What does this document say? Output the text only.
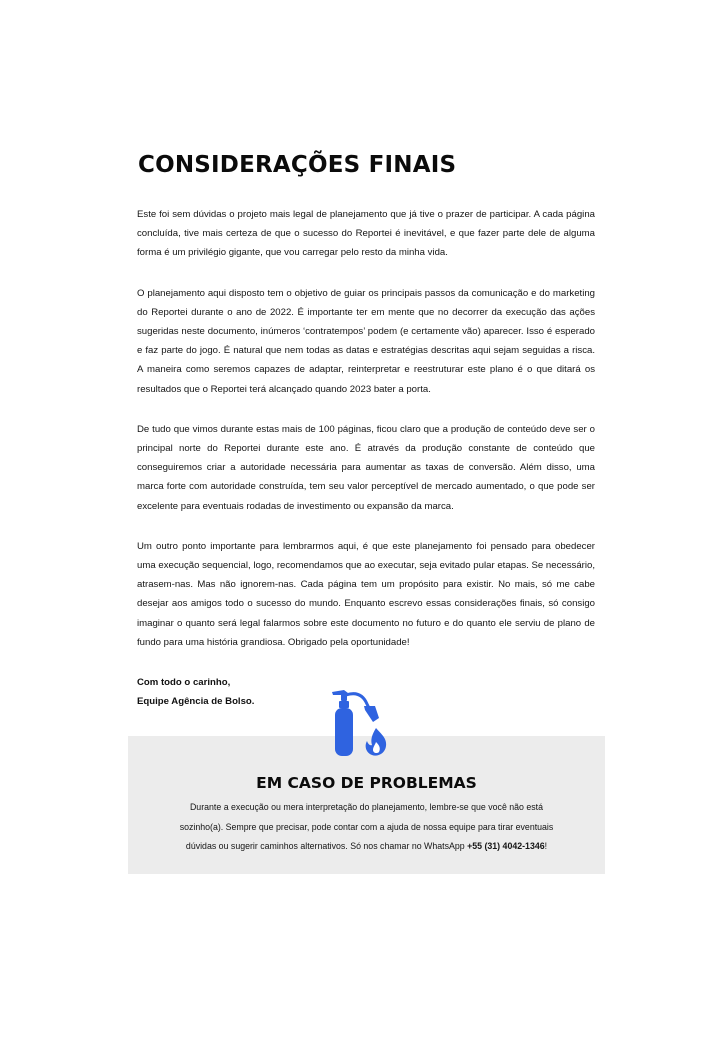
CONSIDERAÇÕES FINAIS

Este foi sem dúvidas o projeto mais legal de planejamento que já tive o prazer de participar. A cada página concluída, tive mais certeza de que o sucesso do Reportei é inevitável, e que fazer parte dele de alguma forma é um privilégio gigante, que vou carregar pelo resto da minha vida.

O planejamento aqui disposto tem o objetivo de guiar os principais passos da comunicação e do marketing do Reportei durante o ano de 2022. É importante ter em mente que no decorrer da execução das ações sugeridas neste documento, inúmeros ‘contratempos’ podem (e certamente vão) aparecer. Isso é esperado e faz parte do jogo. É natural que nem todas as datas e estratégias descritas aqui sejam seguidas a risca. A maneira como seremos capazes de adaptar, reinterpretar e reestruturar este plano é o que ditará os resultados que o Reportei terá alcançado quando 2023 bater a porta.

De tudo que vimos durante estas mais de 100 páginas, ficou claro que a produção de conteúdo deve ser o principal norte do Reportei durante este ano. É através da produção constante de conteúdo que conseguiremos criar a autoridade necessária para aumentar as taxas de conversão. Além disso, uma marca forte com autoridade construída, tem seu valor perceptível de mercado aumentado, o que pode ser excelente para eventuais rodadas de investimento ou expansão da marca.

Um outro ponto importante para lembrarmos aqui, é que este planejamento foi pensado para obedecer uma execução sequencial, logo, recomendamos que ao executar, seja evitado pular etapas. Se necessário, atrasem-nas. Mas não ignorem-nas. Cada página tem um propósito para existir. No mais, só me cabe desejar aos amigos todo o sucesso do mundo. Enquanto escrevo essas considerações finais, só consigo imaginar o quanto será legal falarmos sobre este documento no futuro e do quanto ele serviu de plano de fundo para uma história grandiosa. Obrigado pela oportunidade!

Com todo o carinho,
Equipe Agência de Bolso.

EM CASO DE PROBLEMAS

Durante a execução ou mera interpretação do planejamento, lembre-se que você não está sozinho(a). Sempre que precisar, pode contar com a ajuda de nossa equipe para tirar eventuais dúvidas ou sugerir caminhos alternativos. Só nos chamar no WhatsApp +55 (31) 4042-1346!
